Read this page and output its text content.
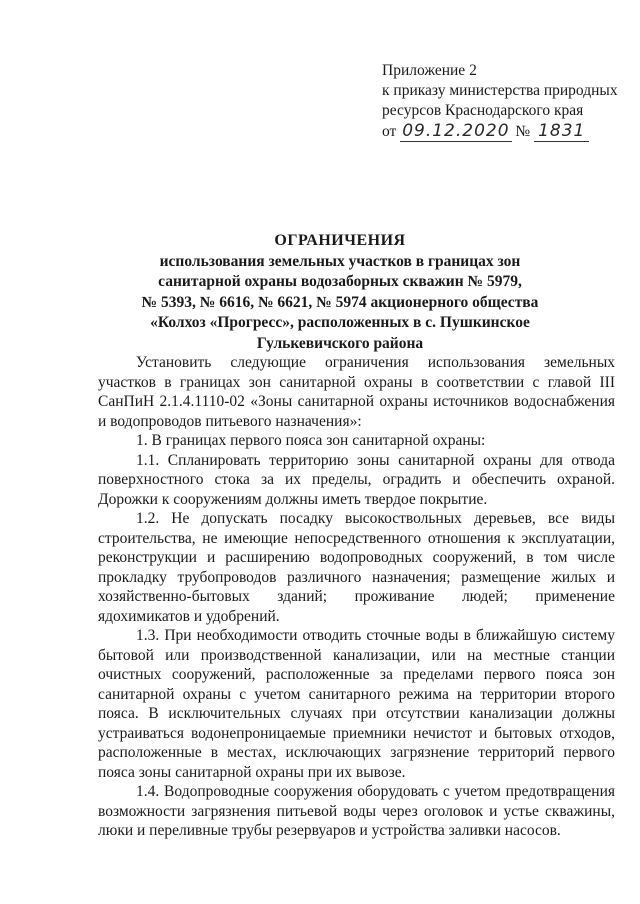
Приложение 2
к приказу министерства природных
ресурсов Краснодарского края
от 09.12.2020 № 1831
ОГРАНИЧЕНИЯ
использования земельных участков в границах зон
санитарной охраны водозаборных скважин № 5979,
№ 5393, № 6616, № 6621, № 5974 акционерного общества
«Колхоз «Прогресс», расположенных в с. Пушкинское
Гулькевичского района

Установить следующие ограничения использования земельных участков в границах зон санитарной охраны в соответствии с главой III СанПиН 2.1.4.1110-02 «Зоны санитарной охраны источников водоснабжения и водопроводов питьевого назначения»:

1. В границах первого пояса зон санитарной охраны:

1.1. Спланировать территорию зоны санитарной охраны для отвода поверхностного стока за их пределы, оградить и обеспечить охраной. Дорожки к сооружениям должны иметь твердое покрытие.

1.2. Не допускать посадку высокоствольных деревьев, все виды строительства, не имеющие непосредственного отношения к эксплуатации, реконструкции и расширению водопроводных сооружений, в том числе прокладку трубопроводов различного назначения; размещение жилых и хозяйственно-бытовых зданий; проживание людей; применение ядохимикатов и удобрений.

1.3. При необходимости отводить сточные воды в ближайшую систему бытовой или производственной канализации, или на местные станции очистных сооружений, расположенные за пределами первого пояса зон санитарной охраны с учетом санитарного режима на территории второго пояса. В исключительных случаях при отсутствии канализации должны устраиваться водонепроницаемые приемники нечистот и бытовых отходов, расположенные в местах, исключающих загрязнение территорий первого пояса зоны санитарной охраны при их вывозе.

1.4. Водопроводные сооружения оборудовать с учетом предотвращения возможности загрязнения питьевой воды через оголовок и устье скважины, люки и переливные трубы резервуаров и устройства заливки насосов.
